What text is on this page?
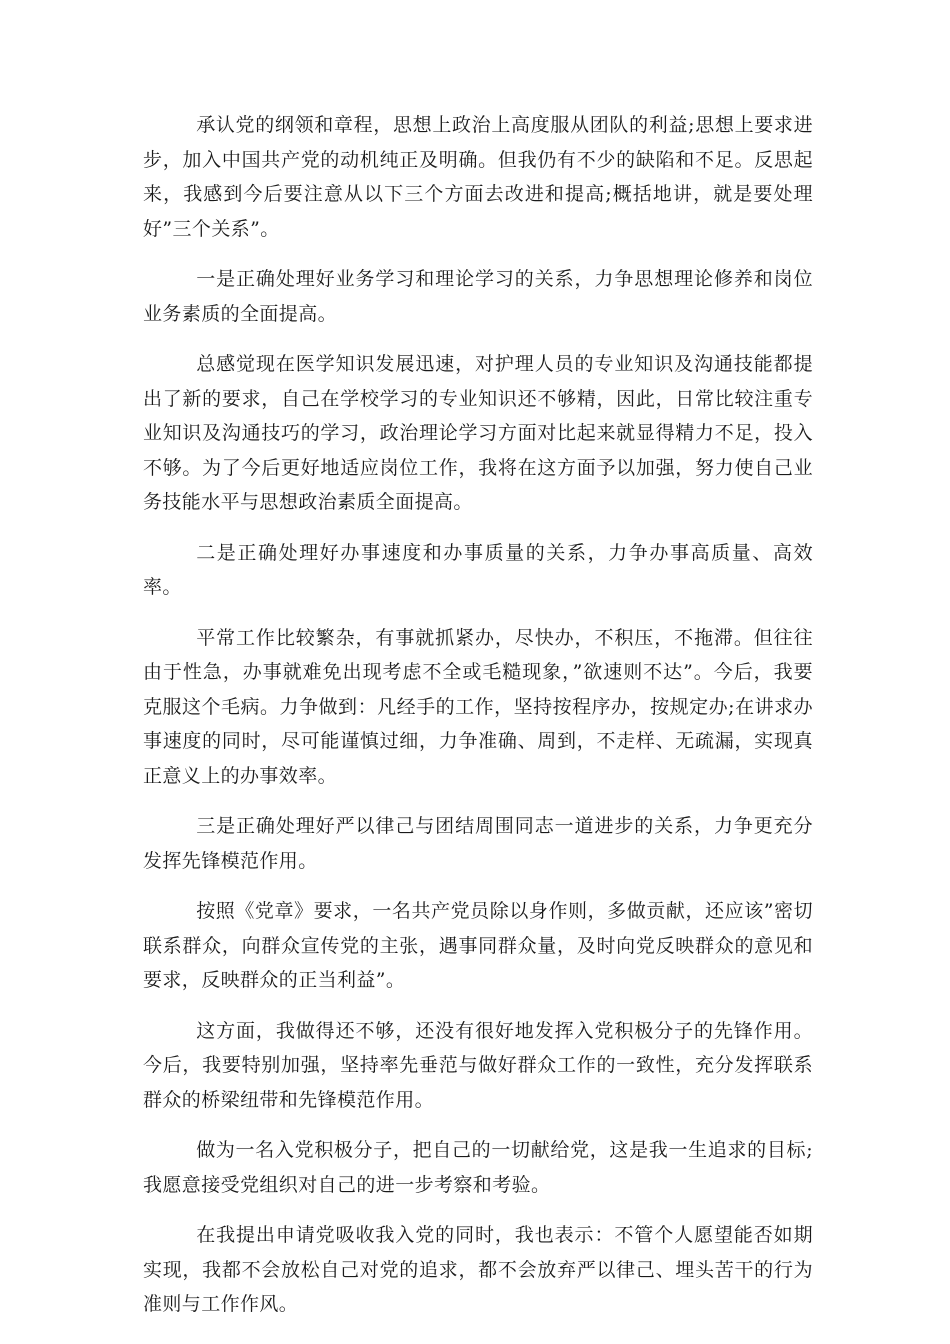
承认党的纲领和章程，思想上政治上高度服从团队的利益;思想上要求进步，加入中国共产党的动机纯正及明确。但我仍有不少的缺陷和不足。反思起来，我感到今后要注意从以下三个方面去改进和提高;概括地讲，就是要处理好”三个关系”。

一是正确处理好业务学习和理论学习的关系，力争思想理论修养和岗位业务素质的全面提高。

总感觉现在医学知识发展迅速，对护理人员的专业知识及沟通技能都提出了新的要求，自己在学校学习的专业知识还不够精，因此，日常比较注重专业知识及沟通技巧的学习，政治理论学习方面对比起来就显得精力不足，投入不够。为了今后更好地适应岗位工作，我将在这方面予以加强，努力使自己业务技能水平与思想政治素质全面提高。

二是正确处理好办事速度和办事质量的关系，力争办事高质量、高效率。

平常工作比较繁杂，有事就抓紧办，尽快办，不积压，不拖滞。但往往由于性急，办事就难免出现考虑不全或毛糙现象，”欲速则不达”。今后，我要克服这个毛病。力争做到：凡经手的工作，坚持按程序办，按规定办;在讲求办事速度的同时，尽可能谨慎过细，力争准确、周到，不走样、无疏漏，实现真正意义上的办事效率。

三是正确处理好严以律己与团结周围同志一道进步的关系，力争更充分发挥先锋模范作用。

按照《党章》要求，一名共产党员除以身作则，多做贡献，还应该”密切联系群众，向群众宣传党的主张，遇事同群众量，及时向党反映群众的意见和要求，反映群众的正当利益”。

这方面，我做得还不够，还没有很好地发挥入党积极分子的先锋作用。今后，我要特别加强，坚持率先垂范与做好群众工作的一致性，充分发挥联系群众的桥梁纽带和先锋模范作用。

做为一名入党积极分子，把自己的一切献给党，这是我一生追求的目标;我愿意接受党组织对自己的进一步考察和考验。

在我提出申请党吸收我入党的同时，我也表示：不管个人愿望能否如期实现，我都不会放松自己对党的追求，都不会放弃严以律己、埋头苦干的行为准则与工作作风。
